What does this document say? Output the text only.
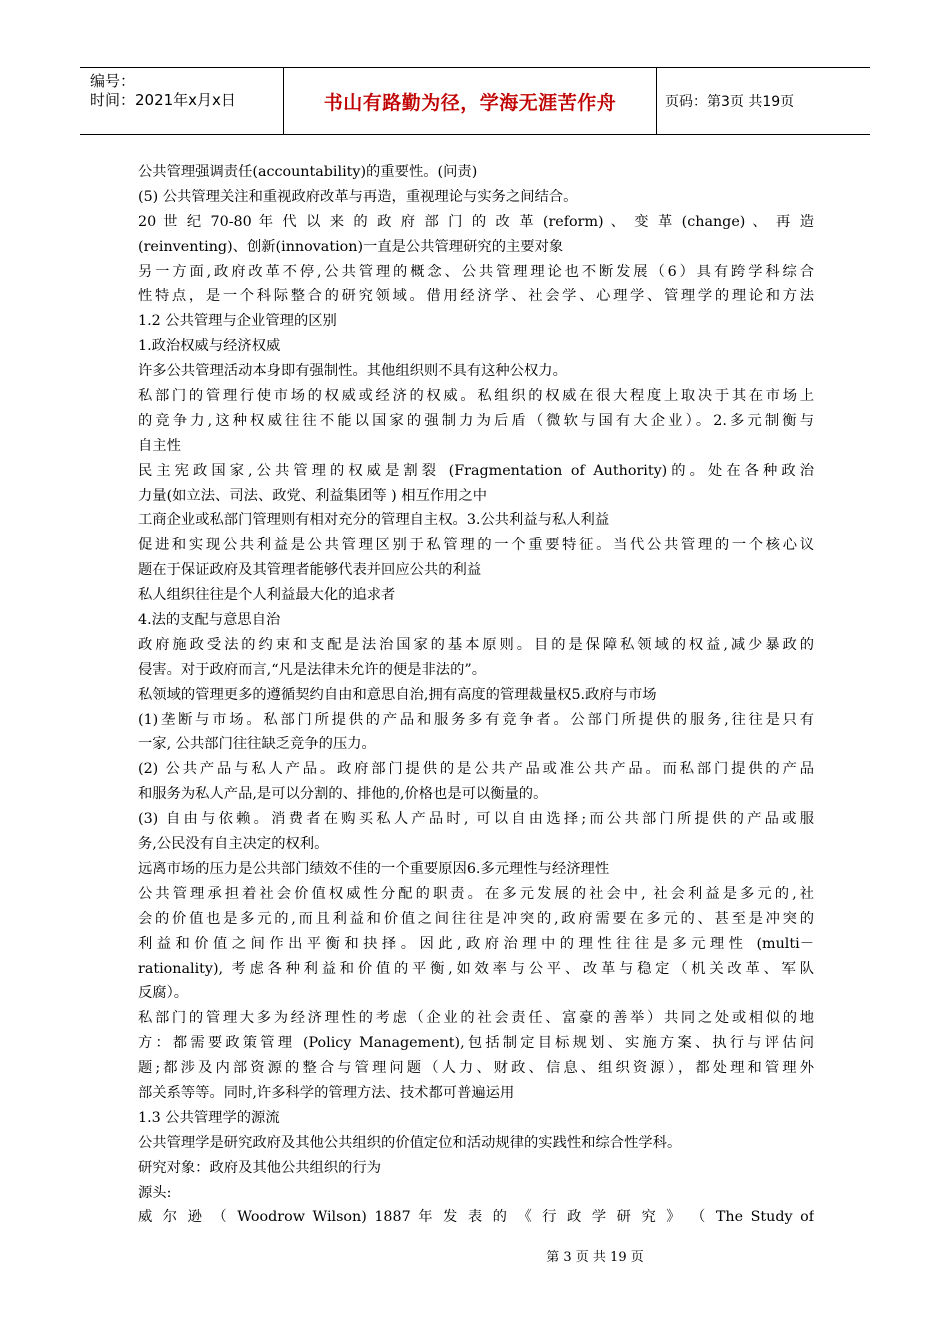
编号：
时间：2021年x月x日	书山有路勤为径，学海无涯苦作舟	页码：第3页 共19页
公共管理强调责任(accountability)的重要性。(问责)
(5) 公共管理关注和重视政府改革与再造，重视理论与实务之间结合。
20 世 纪 70-80 年 代 以 来 的 政 府 部 门 的 改 革 (reform) 、 变 革 (change) 、 再 造
(reinventing)、创新(innovation)一直是公共管理研究的主要对象
另一方面,政府改革不停,公共管理的概念、公共管理理论也不断发展（6）具有跨学科综合
性特点，是一个科际整合的研究领域。借用经济学、社会学、心理学、管理学的理论和方法
1.2 公共管理与企业管理的区别
1.政治权威与经济权威
许多公共管理活动本身即有强制性。其他组织则不具有这种公权力。
私部门的管理行使市场的权威或经济的权威。私组织的权威在很大程度上取决于其在市场上
的竞争力,这种权威往往不能以国家的强制力为后盾（微软与国有大企业）。2.多元制衡与
自主性
民主宪政国家,公共管理的权威是割裂 (Fragmentation of Authority)的。处在各种政治
力量(如立法、司法、政党、利益集团等 ) 相互作用之中
工商企业或私部门管理则有相对充分的管理自主权。3.公共利益与私人利益
促进和实现公共利益是公共管理区别于私管理的一个重要特征。当代公共管理的一个核心议
题在于保证政府及其管理者能够代表并回应公共的利益
私人组织往往是个人利益最大化的追求者
4.法的支配与意思自治
政府施政受法的约束和支配是法治国家的基本原则。目的是保障私领域的权益,减少暴政的
侵害。对于政府而言,“凡是法律未允许的便是非法的”。
私领域的管理更多的遵循契约自由和意思自治,拥有高度的管理裁量权5.政府与市场
(1)垄断与市场。私部门所提供的产品和服务多有竞争者。公部门所提供的服务,往往是只有
一家, 公共部门往往缺乏竞争的压力。
(2) 公共产品与私人产品。政府部门提供的是公共产品或准公共产品。而私部门提供的产品
和服务为私人产品,是可以分割的、排他的,价格也是可以衡量的。
(3) 自由与依赖。消费者在购买私人产品时, 可以自由选择;而公共部门所提供的产品或服
务,公民没有自主决定的权利。
远离市场的压力是公共部门绩效不佳的一个重要原因6.多元理性与经济理性
公共管理承担着社会价值权威性分配的职责。在多元发展的社会中, 社会利益是多元的,社
会的价值也是多元的,而且利益和价值之间往往是冲突的,政府需要在多元的、甚至是冲突的
利益和价值之间作出平衡和抉择。因此,政府治理中的理性往往是多元理性 (multi－
rationality), 考虑各种利益和价值的平衡,如效率与公平、改革与稳定（机关改革、军队
反腐）。
私部门的管理大多为经济理性的考虑（企业的社会责任、富豪的善举）共同之处或相似的地
方：都需要政策管理 (Policy Management),包括制定目标规划、实施方案、执行与评估问
题;都涉及内部资源的整合与管理问题（人力、财政、信息、组织资源），都处理和管理外
部关系等等。同时,许多科学的管理方法、技术都可普遍运用
1.3 公共管理学的源流
公共管理学是研究政府及其他公共组织的价值定位和活动规律的实践性和综合性学科。
研究对象：政府及其他公共组织的行为
源头:
威 尔 逊 （ Woodrow Wilson) 1887 年 发 表 的 《 行 政 学 研 究 》 （ The Study of
第 3 页 共 19 页
